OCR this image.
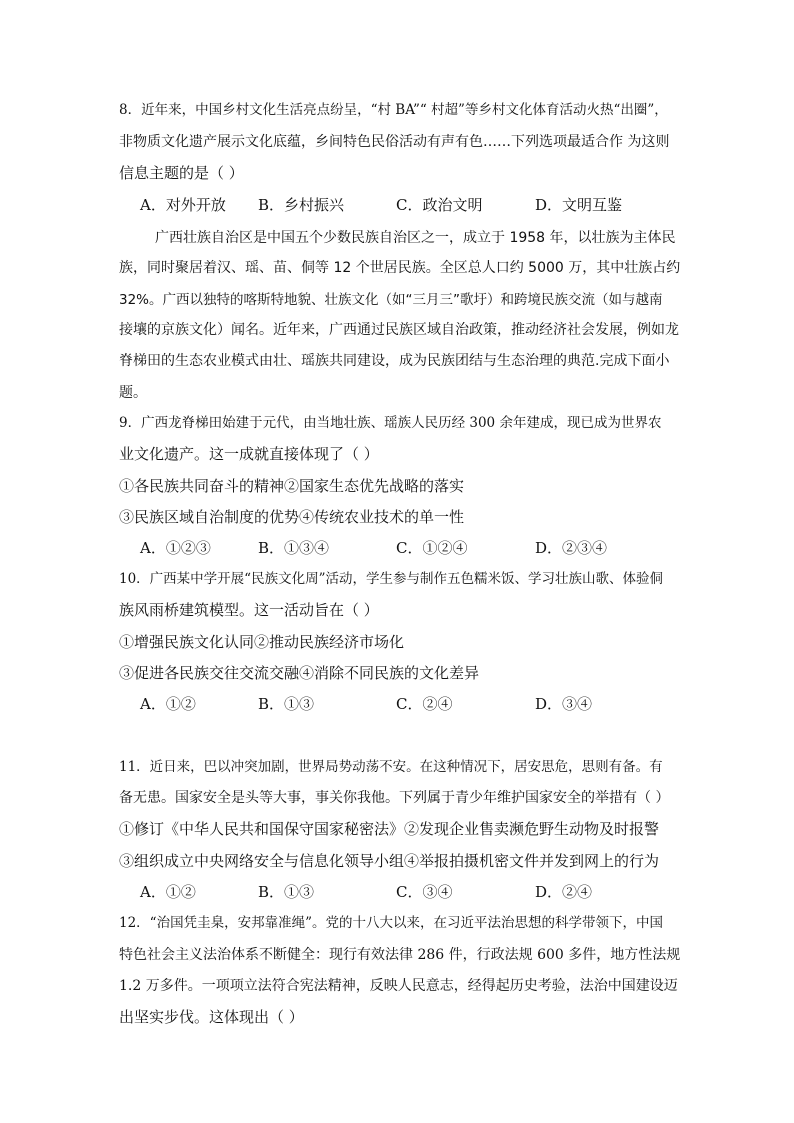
8．近年来，中国乡村文化生活亮点纷呈，“村 BA”“ 村超”等乡村文化体育活动火热“出圈”，
非物质文化遗产展示文化底蕴，乡间特色民俗活动有声有色……下列选项最适合作 为这则
信息主题的是（ ）
A．对外开放 B．乡村振兴	C．政治文明	D．文明互鉴
广西壮族自治区是中国五个少数民族自治区之一，成立于 1958 年，以壮族为主体民
族，同时聚居着汉、瑶、苗、侗等 12 个世居民族。全区总人口约 5000 万，其中壮族占约
32%。广西以独特的喀斯特地貌、壮族文化（如“三月三”歌圩）和跨境民族交流（如与越南
接壤的京族文化）闻名。近年来，广西通过民族区域自治政策，推动经济社会发展，例如龙
脊梯田的生态农业模式由壮、瑶族共同建设，成为民族团结与生态治理的典范.完成下面小
题。
9．广西龙脊梯田始建于元代，由当地壮族、瑶族人民历经 300 余年建成，现已成为世界农
业文化遗产。这一成就直接体现了（ ）
①各民族共同奋斗的精神②国家生态优先战略的落实
③民族区域自治制度的优势④传统农业技术的单一性
A．①②③	B．①③④	C．①②④	D．②③④
10．广西某中学开展“民族文化周”活动，学生参与制作五色糯米饭、学习壮族山歌、体验侗
族风雨桥建筑模型。这一活动旨在（ ）
①增强民族文化认同②推动民族经济市场化
③促进各民族交往交流交融④消除不同民族的文化差异
A．①②	B．①③	C．②④	D．③④
11．近日来，巴以冲突加剧，世界局势动荡不安。在这种情况下，居安思危，思则有备。有
备无患。国家安全是头等大事，事关你我他。下列属于青少年维护国家安全的举措有（ ）
①修订《中华人民共和国保守国家秘密法》②发现企业售卖濒危野生动物及时报警
③组织成立中央网络安全与信息化领导小组④举报拍摄机密文件并发到网上的行为
A．①②	B．①③	C．③④	D．②④
12．“治国凭圭臬，安邦靠准绳”。党的十八大以来，在习近平法治思想的科学带领下，中国
特色社会主义法治体系不断健全：现行有效法律 286 件，行政法规 600 多件，地方性法规
1.2 万多件。一项项立法符合宪法精神，反映人民意志，经得起历史考验，法治中国建设迈
出坚实步伐。这体现出（ ）
